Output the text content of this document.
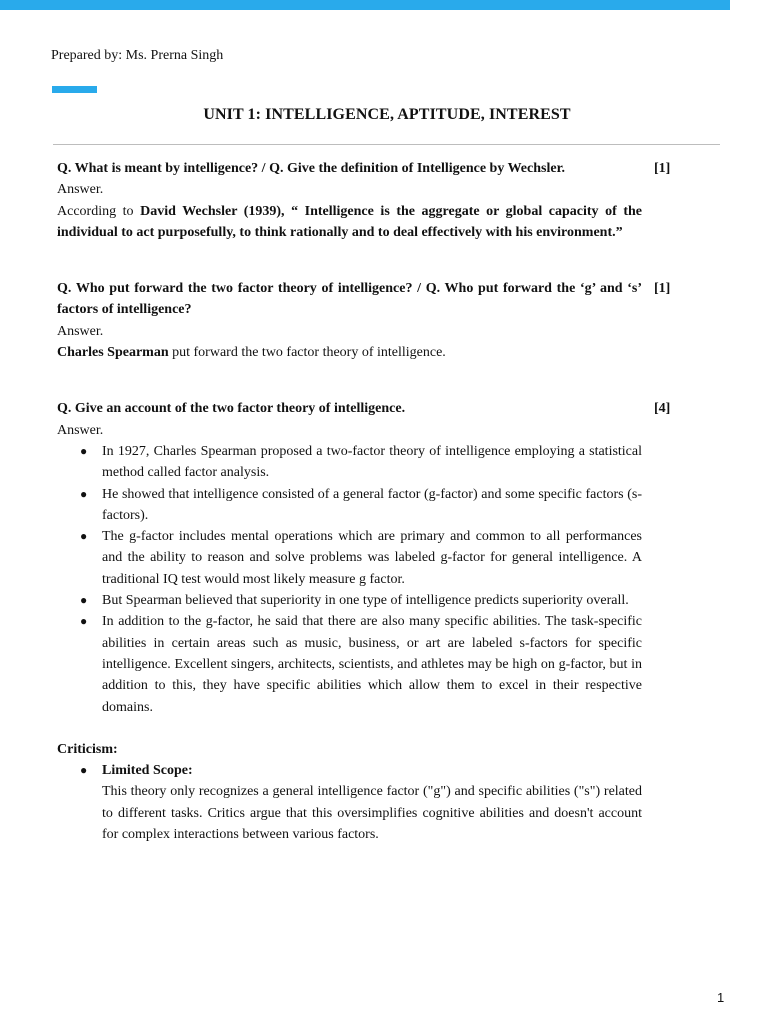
Prepared by: Ms. Prerna Singh
UNIT 1: INTELLIGENCE, APTITUDE, INTEREST
Q. What is meant by intelligence? / Q. Give the definition of Intelligence by Wechsler.	[1]
Answer.
According to David Wechsler (1939), “ Intelligence is the aggregate or global capacity of the individual to act purposefully, to think rationally and to deal effectively with his environment.”
Q. Who put forward the two factor theory of intelligence? / Q. Who put forward the ‘g’ and ‘s’ factors of intelligence?
[1]
Answer.
Charles Spearman put forward the two factor theory of intelligence.
Q. Give an account of the two factor theory of intelligence.	[4]
Answer.
● In 1927, Charles Spearman proposed a two-factor theory of intelligence employing a statistical method called factor analysis.
● He showed that intelligence consisted of a general factor (g-factor) and some specific factors (s-factors).
● The g-factor includes mental operations which are primary and common to all performances and the ability to reason and solve problems was labeled g-factor for general intelligence. A traditional IQ test would most likely measure g factor.
● But Spearman believed that superiority in one type of intelligence predicts superiority overall.
● In addition to the g-factor, he said that there are also many specific abilities. The task-specific abilities in certain areas such as music, business, or art are labeled s-factors for specific intelligence. Excellent singers, architects, scientists, and athletes may be high on g-factor, but in addition to this, they have specific abilities which allow them to excel in their respective domains.
Criticism:
● Limited Scope:
This theory only recognizes a general intelligence factor ("g") and specific abilities ("s") related to different tasks. Critics argue that this oversimplifies cognitive abilities and doesn't account for complex interactions between various factors.
1
